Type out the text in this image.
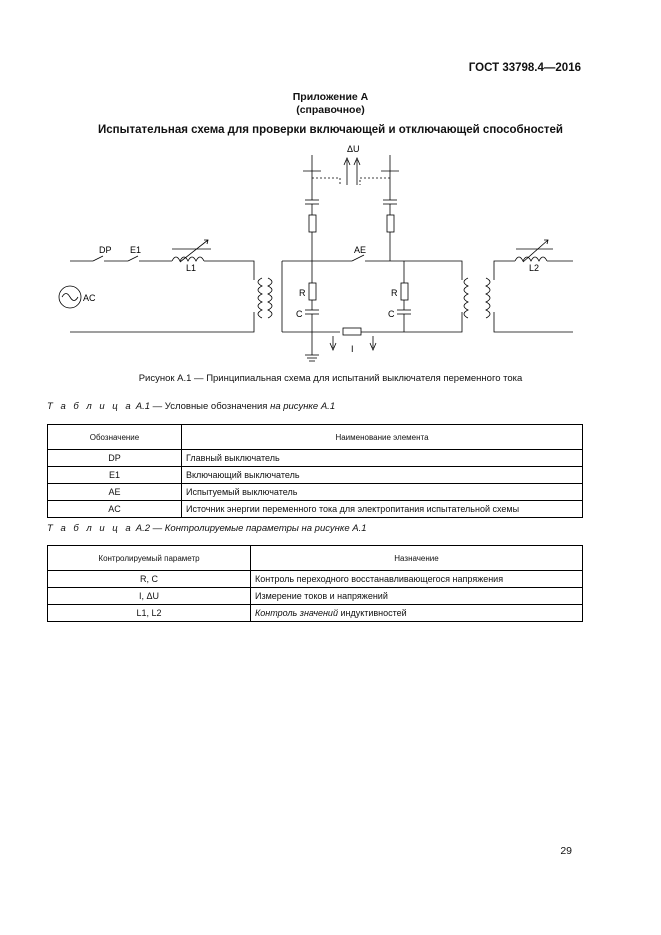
ГОСТ 33798.4—2016
Приложение А
(справочное)
Испытательная схема для проверки включающей и отключающей способностей
DP E1
L1
AC
AE
R
C
R
C
ΔU
I
L2
Рисунок А.1 — Принципиальная схема для испытаний выключателя переменного тока
Т а б л и ц а А.1 — Условные обозначения на рисунке А.1
Обозначение	Наименование элемента
DP	Главный выключатель
E1	Включающий выключатель
AE	Испытуемый выключатель
AC	Источник энергии переменного тока для электропитания испытательной схемы
Т а б л и ц а А.2 — Контролируемые параметры на рисунке А.1
Контролируемый параметр	Назначение
R, C	Контроль переходного восстанавливающегося напряжения
I, ΔU	Измерение токов и напряжений
L1, L2	Контроль значений индуктивностей
29
